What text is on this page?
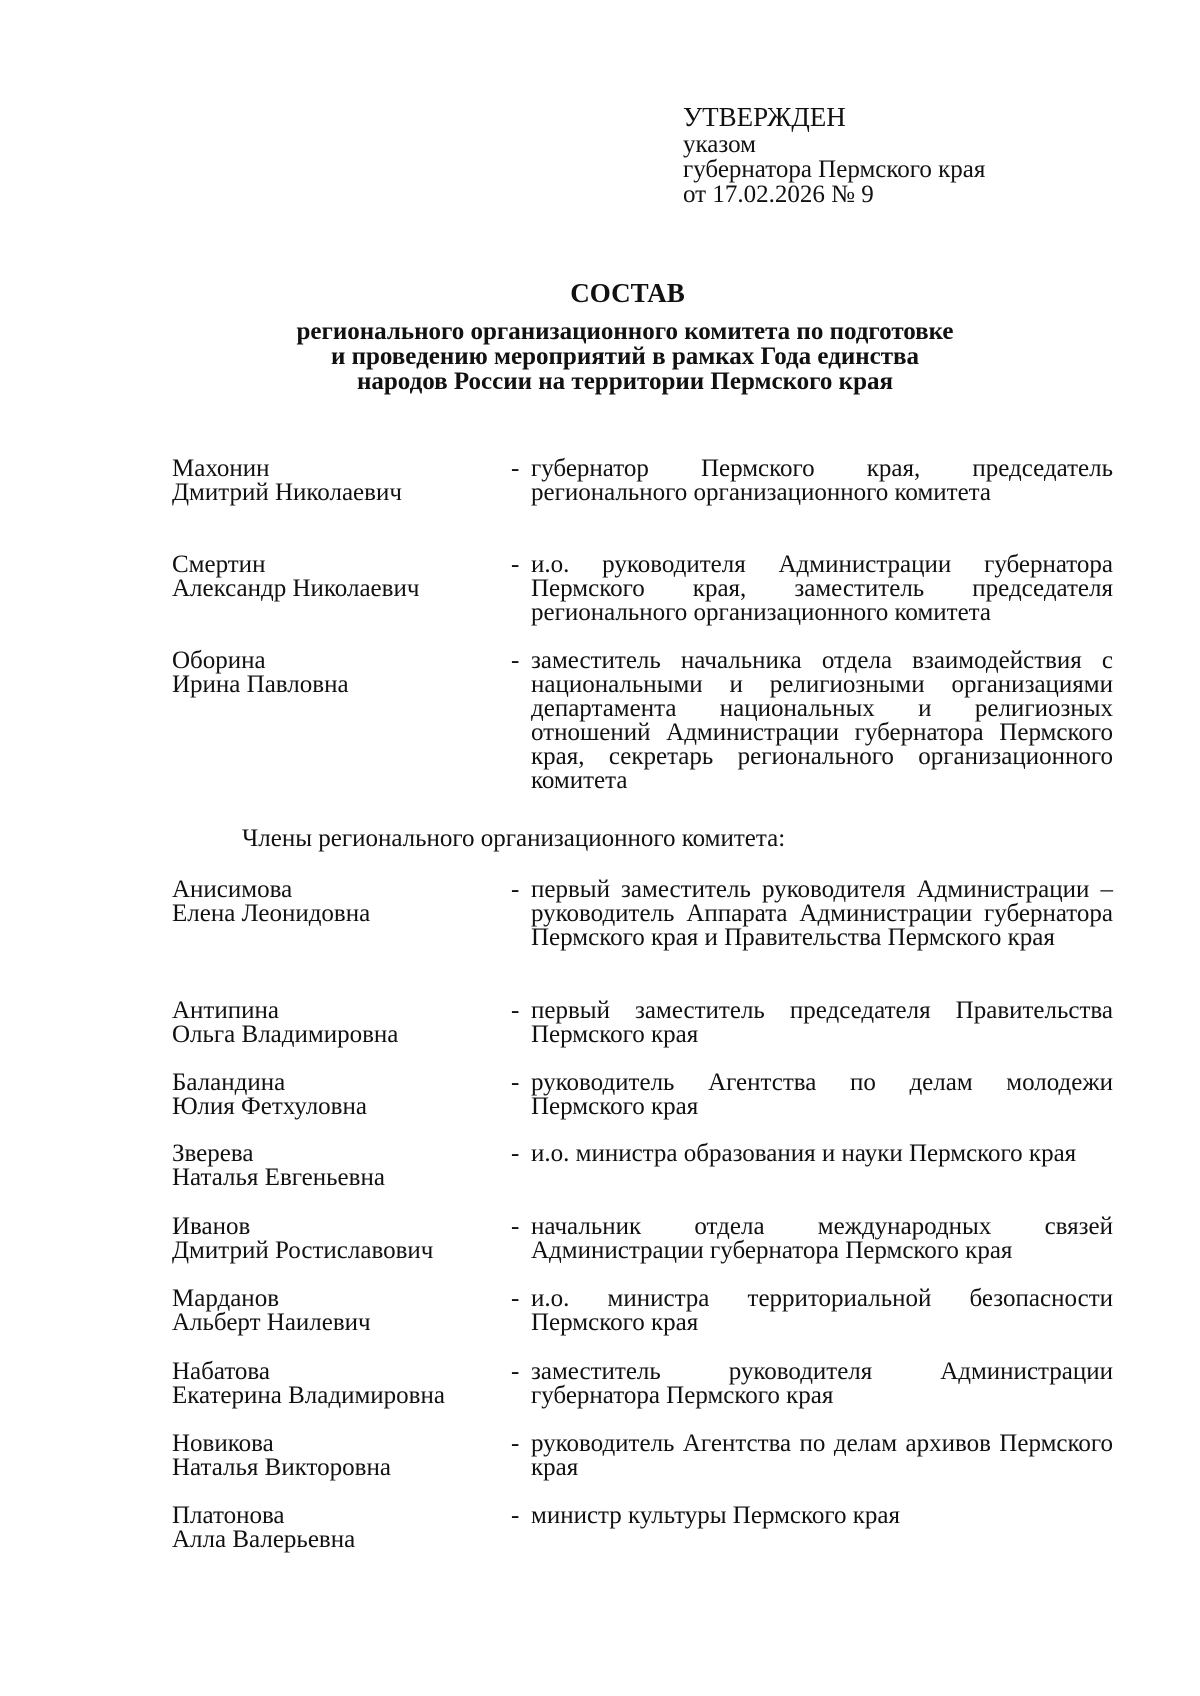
УТВЕРЖДЕН
указом
губернатора Пермского края
от 17.02.2026 № 9
СОСТАВ
регионального организационного комитета по подготовке
и проведению мероприятий в рамках Года единства
народов России на территории Пермского края
Махонин
Дмитрий Николаевич
- губернатор Пермского края, председатель регионального организационного комитета
Смертин
Александр Николаевич
- и.о. руководителя Администрации губернатора Пермского края, заместитель председателя регионального организационного комитета
Оборина
Ирина Павловна
- заместитель начальника отдела взаимодействия с национальными и религиозными организациями департамента национальных и религиозных отношений Администрации губернатора Пермского края, секретарь регионального организационного комитета
Члены регионального организационного комитета:
Анисимова
Елена Леонидовна
- первый заместитель руководителя Администрации – руководитель Аппарата Администрации губернатора Пермского края и Правительства Пермского края
Антипина
Ольга Владимировна
- первый заместитель председателя Правительства Пермского края
Баландина
Юлия Фетхуловна
- руководитель Агентства по делам молодежи Пермского края
Зверева
Наталья Евгеньевна
- и.о. министра образования и науки Пермского края
Иванов
Дмитрий Ростиславович
- начальник отдела международных связей Администрации губернатора Пермского края
Марданов
Альберт Наилевич
- и.о. министра территориальной безопасности Пермского края
Набатова
Екатерина Владимировна
- заместитель руководителя Администрации губернатора Пермского края
Новикова
Наталья Викторовна
- руководитель Агентства по делам архивов Пермского края
Платонова
Алла Валерьевна
- министр культуры Пермского края
